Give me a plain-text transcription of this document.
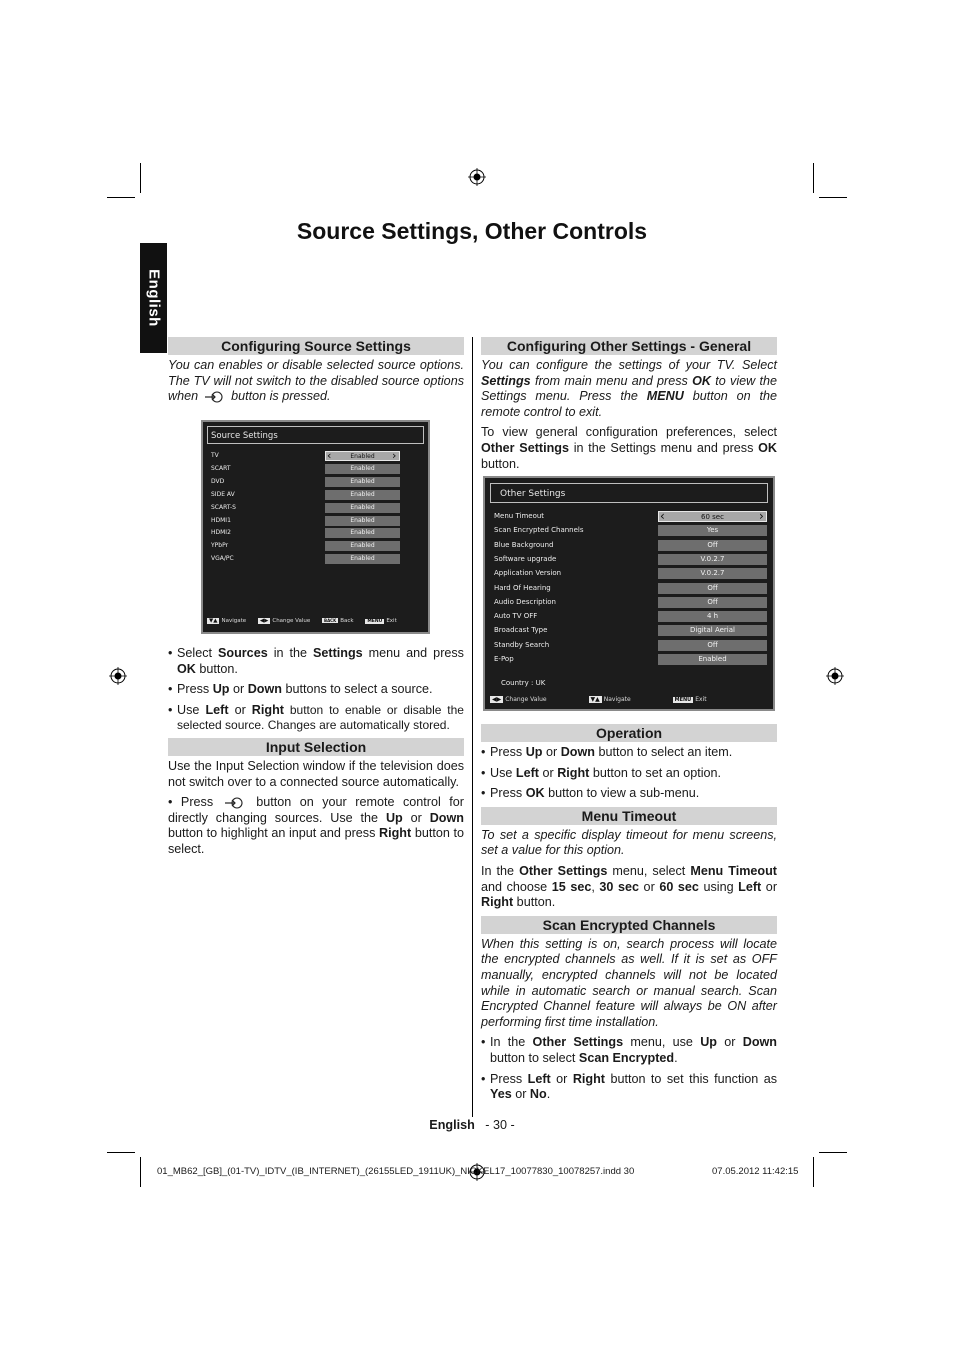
Source Settings, Other Controls
English
Configuring Source Settings
You can enables or disable selected source options. The TV will not switch to the disabled source options when	button is pressed.
Source Settings
TV	Enabled
‹	›
SCART	Enabled
DVD	Enabled
SIDE AV	Enabled
SCART-S	Enabled
HDMI1	Enabled
HDMI2	Enabled
YPbPr	Enabled
VGA/PC	Enabled
▼▲ Navigate	◀▶ Change Value	BACK Back	MENU Exit
• Select Sources in the Settings menu and press OK button.
• Press Up or Down buttons to select a source.
• Use Left or Right button to enable or disable the selected source. Changes are automatically stored.
Input Selection
Use the Input Selection window if the television does not switch over to a connected source automatically.
• Press	button on your remote control for directly changing sources. Use the Up or Down button to highlight an input and press Right button to select.
Configuring Other Settings - General
You can configure the settings of your TV. Select Settings from main menu and press OK to view the Settings menu. Press the MENU button on the remote control to exit.
To view general configuration preferences, select Other Settings in the Settings menu and press OK button.
Other Settings
Menu Timeout	60 sec
‹	›
Scan Encrypted Channels	Yes
Blue Background	Off
Software upgrade	V.0.2.7
Application Version	V.0.2.7
Hard Of Hearing	Off
Audio Description	Off
Auto TV OFF	4 h
Broadcast Type	Digital Aerial
Standby Search	Off
E-Pop	Enabled
Country : UK
◀▶ Change Value	▼▲ Navigate	MENU Exit
Operation
• Press Up or Down button to select an item.
• Use Left or Right button to set an option.
• Press OK button to view a sub-menu.
Menu Timeout
To set a specific display timeout for menu screens, set a value for this option.
In the Other Settings menu, select Menu Timeout and choose 15 sec, 30 sec or 60 sec using Left or Right button.
Scan Encrypted Channels
When this setting is on, search process will locate the encrypted channels as well. If it is set as OFF manually, encrypted channels will not be located while in automatic search or manual search. Scan Encrypted Channel feature will always be ON after performing first time installation.
• In the Other Settings menu, use Up or Down button to select Scan Encrypted.
• Press Left or Right button to set this function as Yes or No.
English - 30 -
01_MB62_[GB]_(01-TV)_IDTV_(IB_INTERNET)_(26155LED_1911UK)_NICKEL17_10077830_10078257.indd 30	07.05.2012 11:42:15
